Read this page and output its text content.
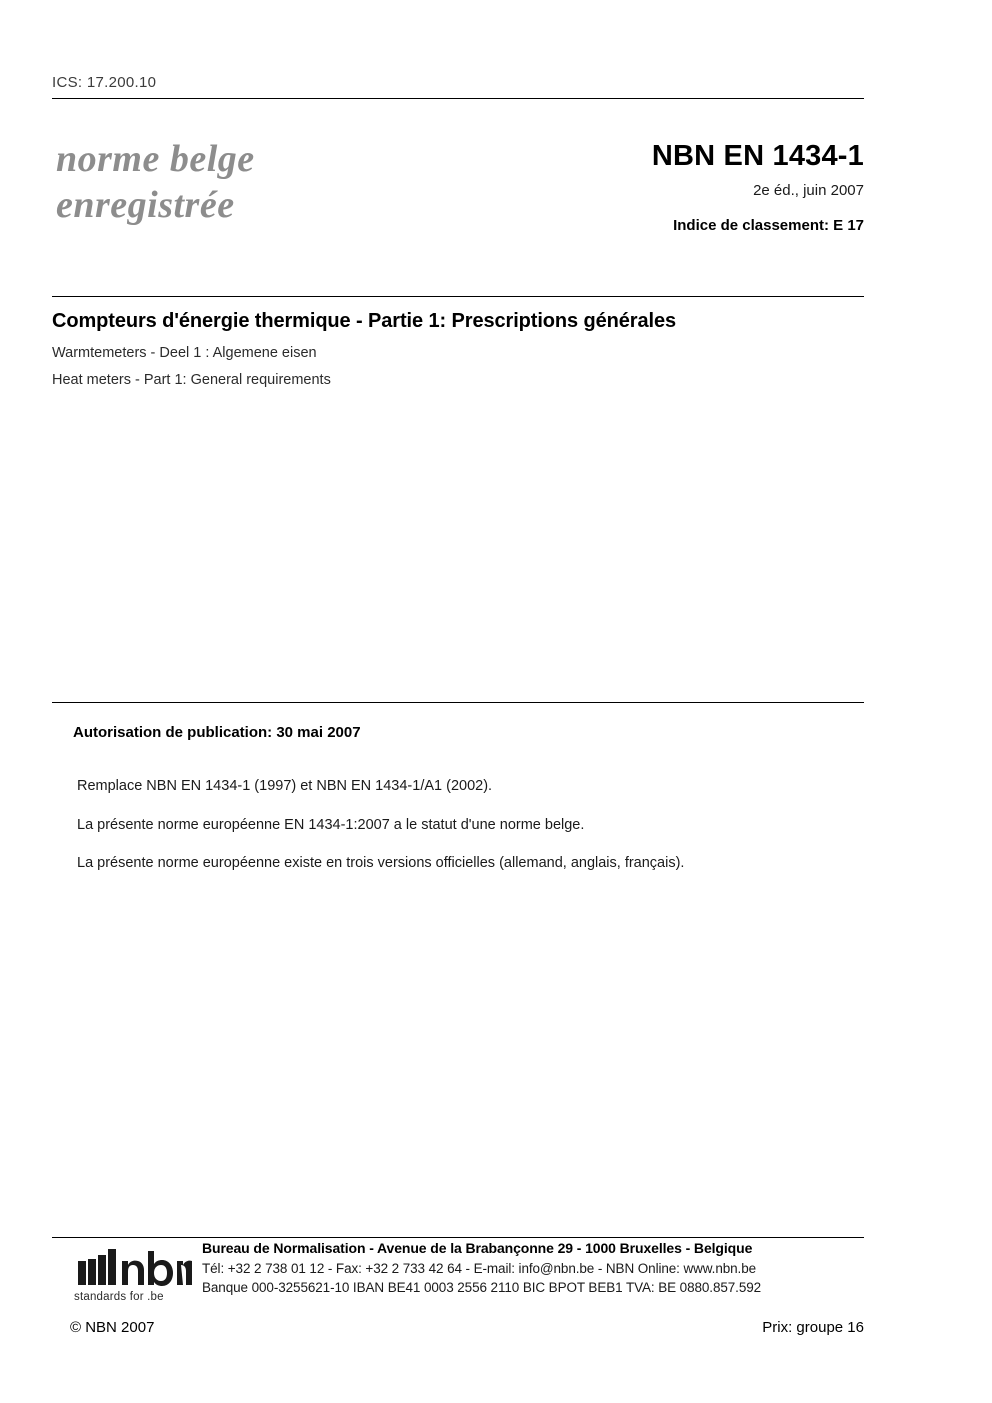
ICS: 17.200.10
norme belge
enregistrée
NBN EN 1434-1
2e éd., juin 2007
Indice de classement: E 17
Compteurs d'énergie thermique - Partie 1: Prescriptions générales
Warmtemeters - Deel 1 : Algemene eisen
Heat meters - Part 1: General requirements
Autorisation de publication: 30 mai 2007
Remplace NBN EN 1434-1 (1997) et NBN EN 1434-1/A1 (2002).
La présente norme européenne EN 1434-1:2007 a le statut d'une norme belge.
La présente norme européenne existe en trois versions officielles (allemand, anglais, français).
standards for .be
Bureau de Normalisation - Avenue de la Brabançonne 29 - 1000 Bruxelles - Belgique
Tél: +32 2 738 01 12 - Fax: +32 2 733 42 64 - E-mail: info@nbn.be - NBN Online: www.nbn.be
Banque 000-3255621-10 IBAN BE41 0003 2556 2110 BIC BPOT BEB1 TVA: BE 0880.857.592
© NBN 2007	Prix: groupe 16
